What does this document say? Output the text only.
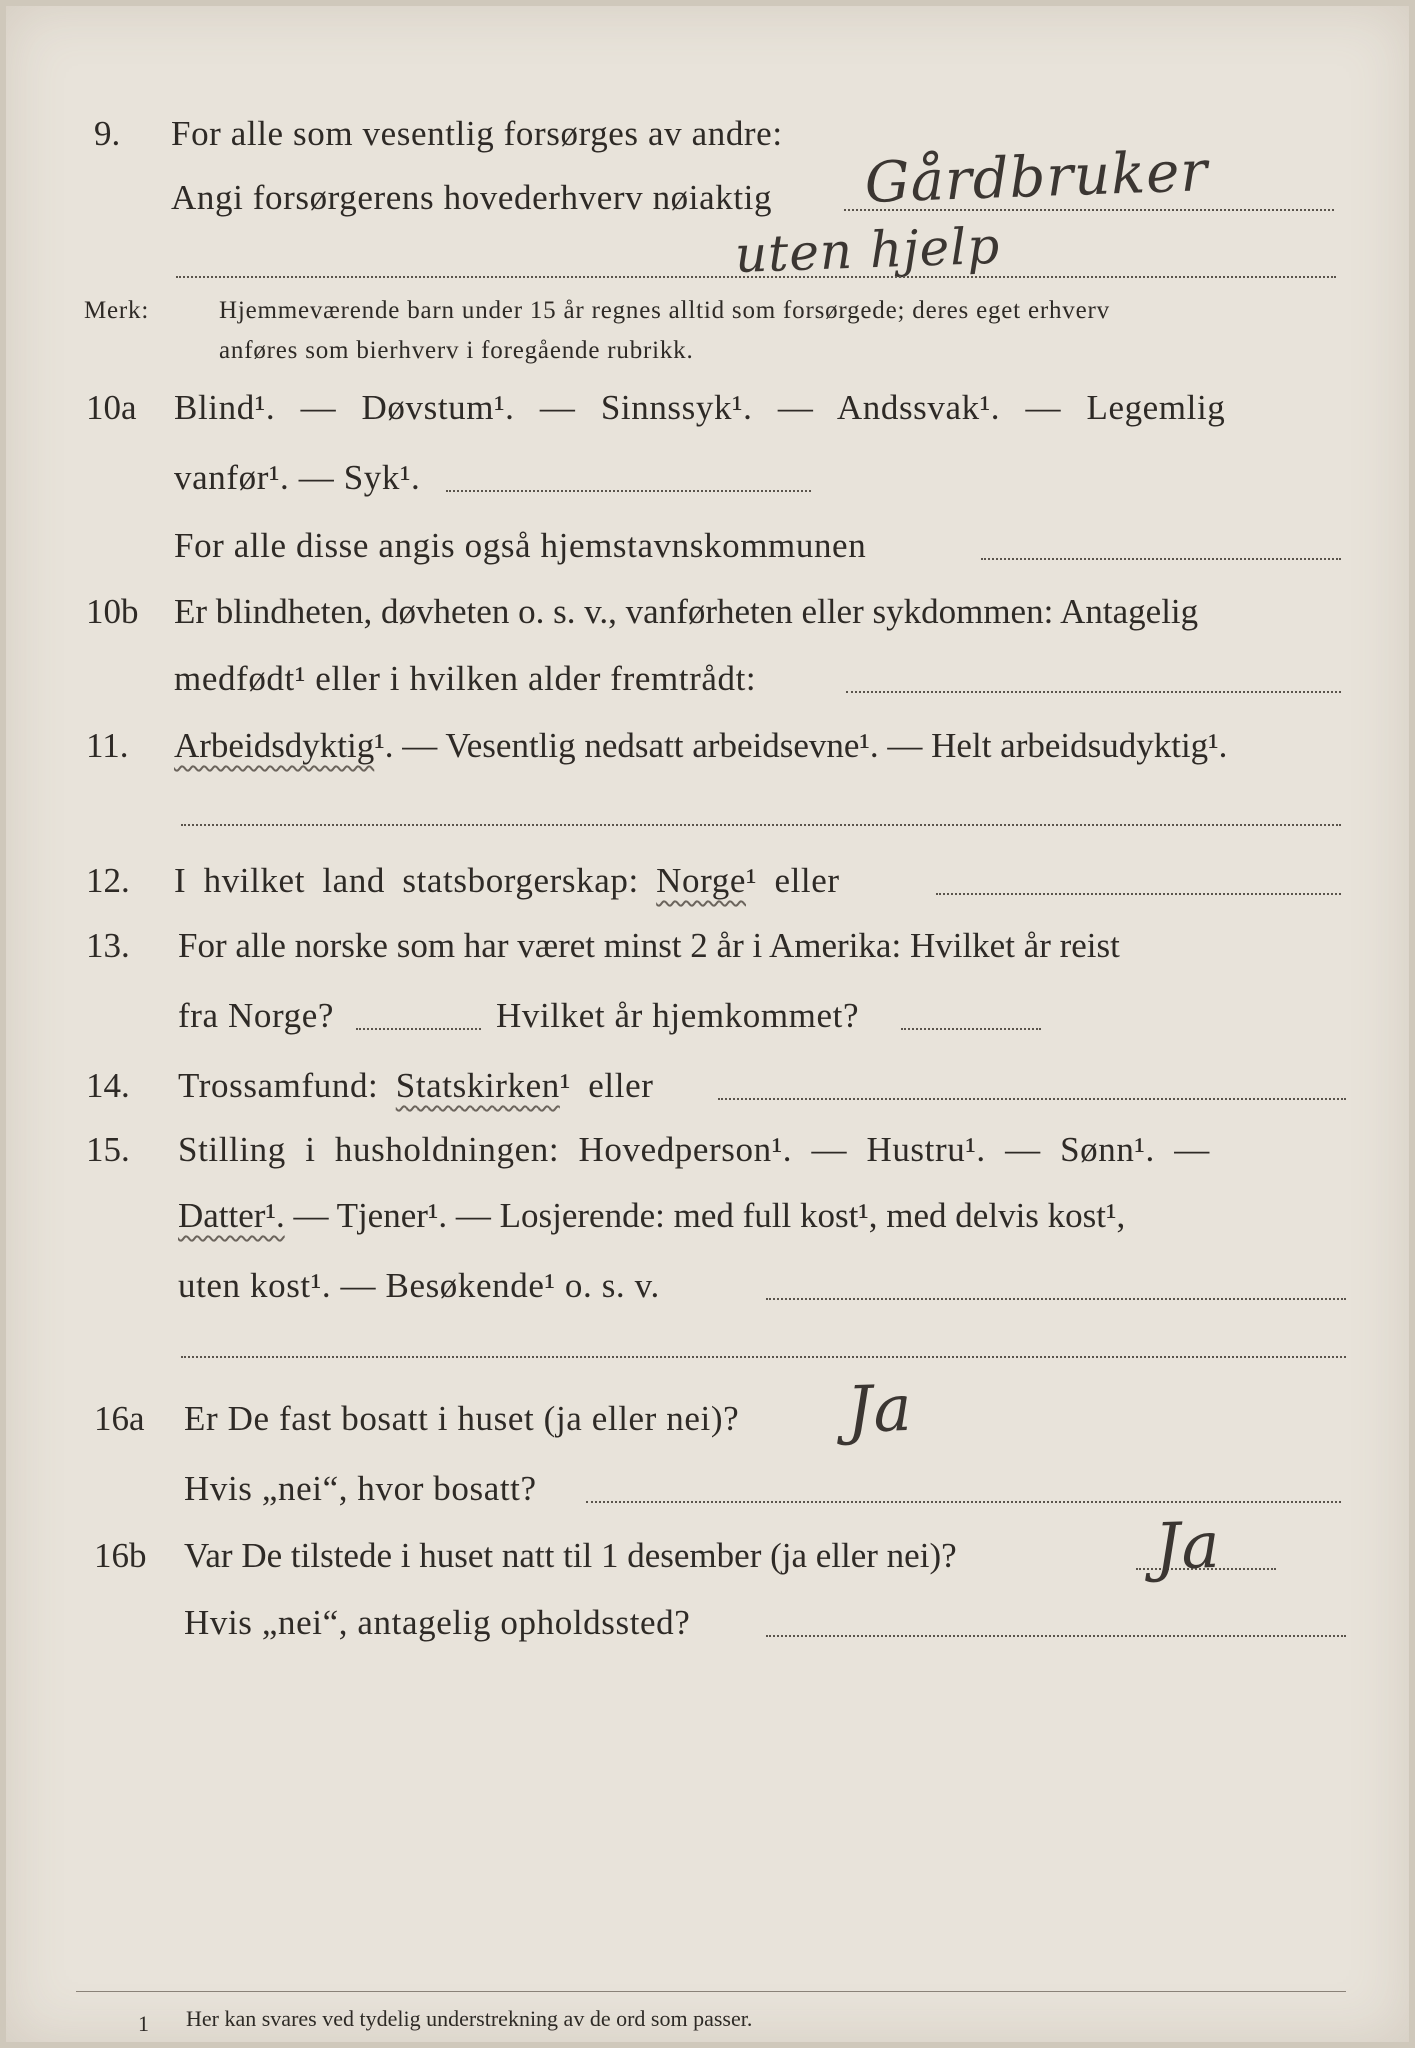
9. For alle som vesentlig forsørges av andre:
Angi forsørgerens hovederhverv nøiaktig Gårdbruker
uten hjelp
Merk:	Hjemmeværende barn under 15 år regnes alltid som forsørgede; deres eget erhverv
anføres som bierhverv i foregående rubrikk.
10a Blind¹. — Døvstum¹. — Sinnssyk¹. — Andssvak¹. — Legemlig
vanfør¹. — Syk¹.
For alle disse angis også hjemstavnskommunen
10b Er blindheten, døvheten o. s. v., vanførheten eller sykdommen: Antagelig
medfødt¹ eller i hvilken alder fremtrådt:
11. Arbeidsdyktig¹. — Vesentlig nedsatt arbeidsevne¹. — Helt arbeidsudyktig¹.
12. I hvilket land statsborgerskap: Norge¹ eller
13. For alle norske som har været minst 2 år i Amerika: Hvilket år reist
fra Norge?	Hvilket år hjemkommet?
14. Trossamfund: Statskirken¹ eller
15. Stilling i husholdningen: Hovedperson¹. — Hustru¹. — Sønn¹. —
Datter¹. — Tjener¹. — Losjerende: med full kost¹, med delvis kost¹,
uten kost¹. — Besøkende¹ o. s. v.
16a Er De fast bosatt i huset (ja eller nei)? Ja
Hvis „nei“, hvor bosatt?
16b Var De tilstede i huset natt til 1 desember (ja eller nei)?	Ja
Hvis „nei“, antagelig opholdssted?
1 Her kan svares ved tydelig understrekning av de ord som passer.
